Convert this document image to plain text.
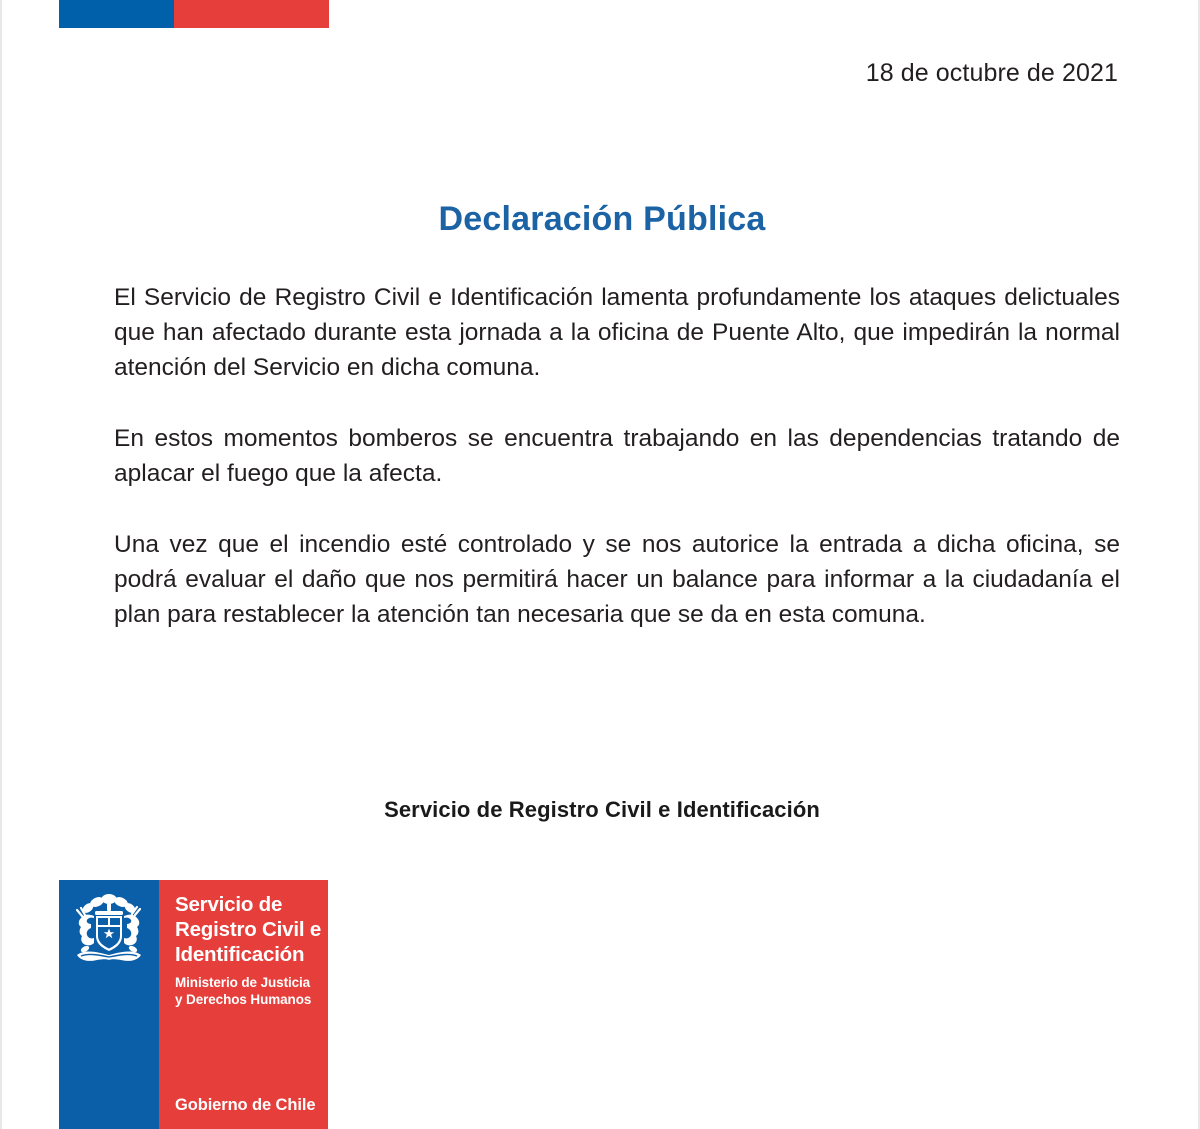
18 de octubre de 2021
Declaración Pública

El Servicio de Registro Civil e Identificación lamenta profundamente los ataques delictuales que han afectado durante esta jornada a la oficina de Puente Alto, que impedirán la normal atención del Servicio en dicha comuna.

En estos momentos bomberos se encuentra trabajando en las dependencias tratando de aplacar el fuego que la afecta.

Una vez que el incendio esté controlado y se nos autorice la entrada a dicha oficina, se podrá evaluar el daño que nos permitirá hacer un balance para informar a la ciudadanía el plan para restablecer la atención tan necesaria que se da en esta comuna.

Servicio de Registro Civil e Identificación
Servicio de
Registro Civil e
Identificación
Ministerio de Justicia
y Derechos Humanos
Gobierno de Chile
